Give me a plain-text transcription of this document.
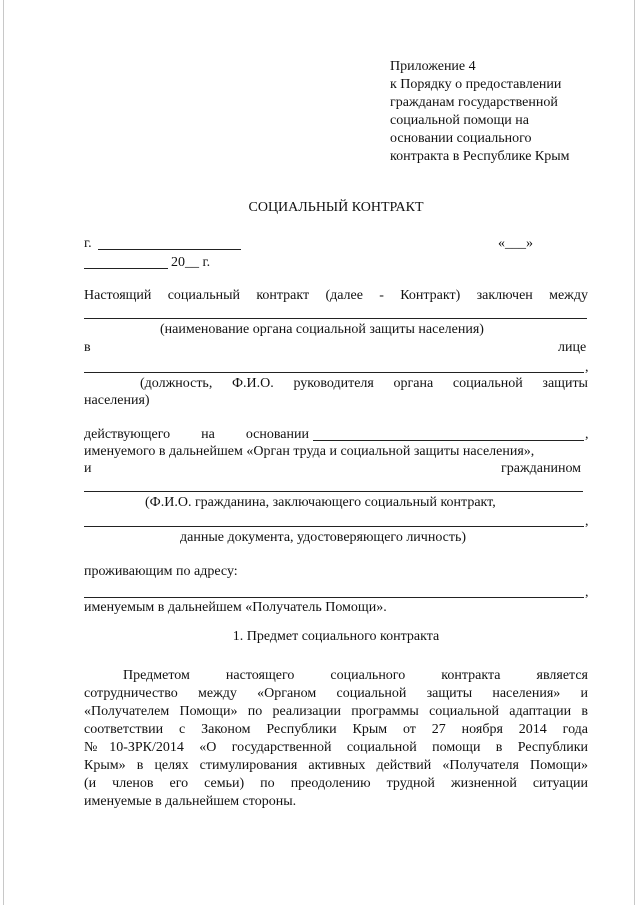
Приложение 4
к Порядку о предоставлении
гражданам государственной
социальной помощи на
основании социального
контракта в Республике Крым
СОЦИАЛЬНЫЙ КОНТРАКТ
г.	«___»
20__ г.
Настоящий социальный контракт (далее - Контракт) заключен между
(наименование органа социальной защиты населения)
в	лице
,
(должность, Ф.И.О. руководителя органа социальной защиты
населения)
действующего на основании	,
именуемого в дальнейшем «Орган труда и социальной защиты населения»,
и	гражданином
(Ф.И.О. гражданина, заключающего социальный контракт,
,
данные документа, удостоверяющего личность)
проживающим по адресу:
,
именуемым в дальнейшем «Получатель Помощи».
1. Предмет социального контракта
Предметом настоящего социального контракта является
сотрудничество между «Органом социальной защиты населения» и
«Получателем Помощи» по реализации программы социальной адаптации в
соответствии с Законом Республики Крым от 27 ноября 2014 года
№10-ЗРК/2014 «О государственной социальной помощи в Республики
Крым» в целях стимулирования активных действий «Получателя Помощи»
(и членов его семьи) по преодолению трудной жизненной ситуации
именуемые в дальнейшем стороны.
